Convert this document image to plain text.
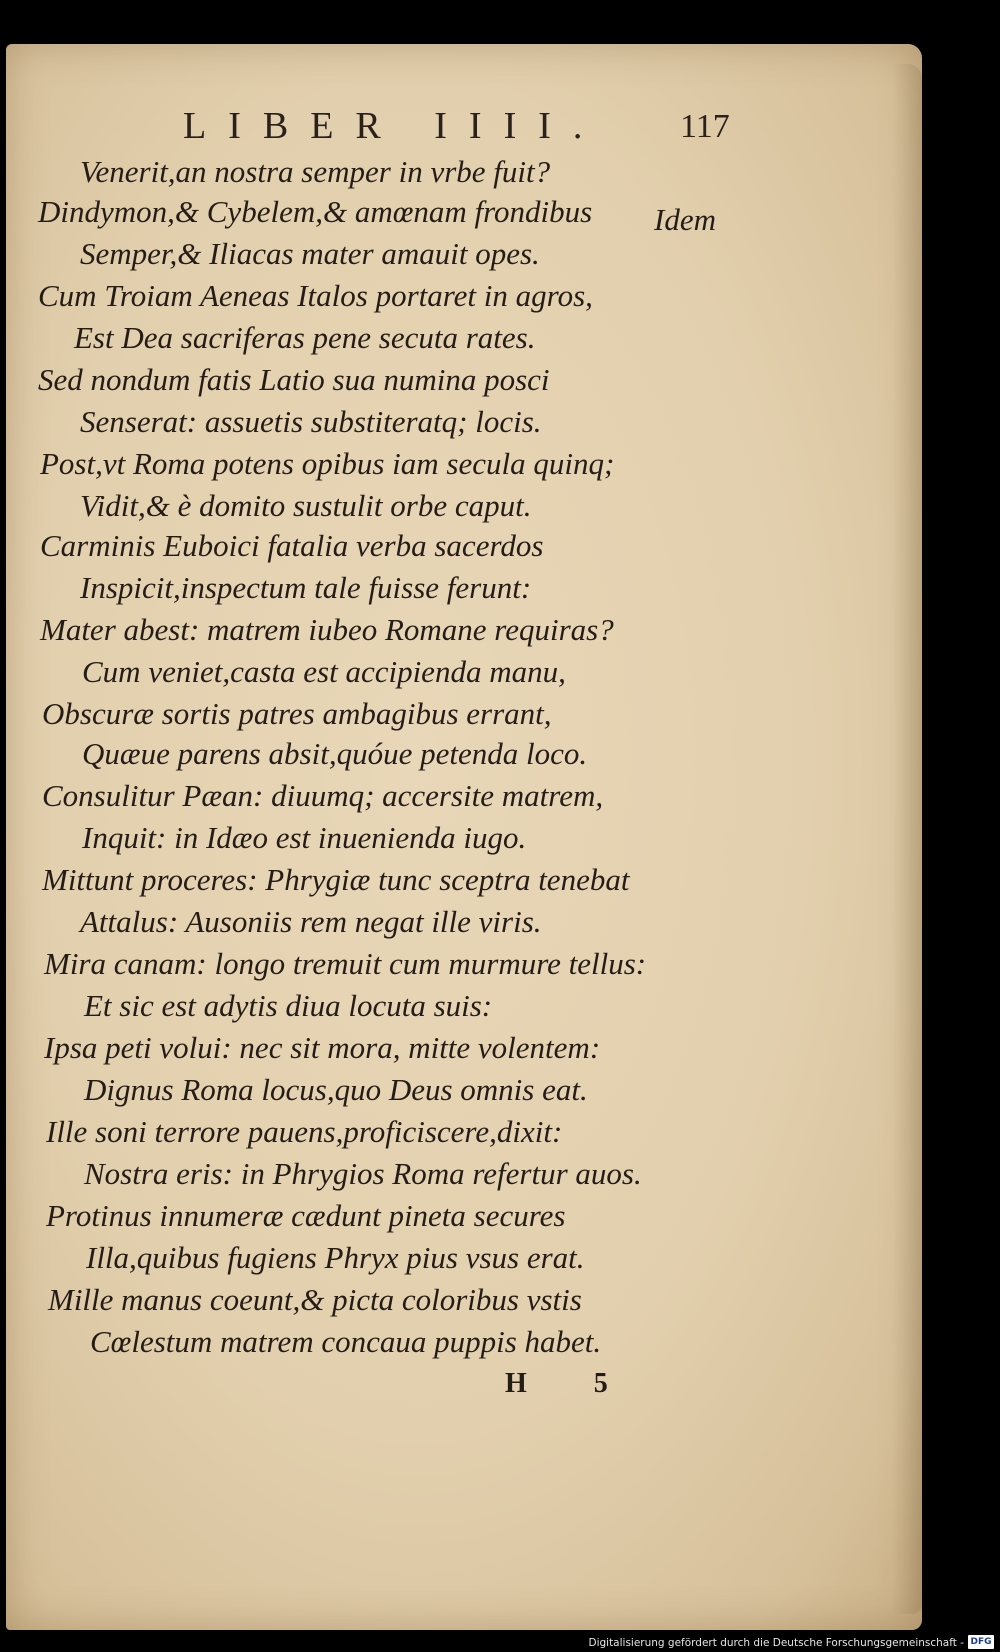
LIBER IIII. 117
Venerit,an nostra semper in vrbe fuit?
Dindymon,& Cybelem,& amœnam frondibus
Semper,& Iliacas mater amauit opes.
Cum Troiam Aeneas Italos portaret in agros,
Est Dea sacriferas pene secuta rates.
Sed nondum fatis Latio sua numina posci
Senserat: assuetis substiteratq; locis.
Post,vt Roma potens opibus iam secula quinq;
Vidit,& è domito sustulit orbe caput.
Carminis Euboici fatalia verba sacerdos
Inspicit,inspectum tale fuisse ferunt:
Mater abest: matrem iubeo Romane requiras?
Cum veniet,casta est accipienda manu,
Obscuræ sortis patres ambagibus errant,
Quæue parens absit,quóue petenda loco.
Consulitur Pæan: diuumq; accersite matrem,
Inquit: in Idæo est inuenienda iugo.
Mittunt proceres: Phrygiæ tunc sceptra tenebat
Attalus: Ausoniis rem negat ille viris.
Mira canam: longo tremuit cum murmure tellus:
Et sic est adytis diua locuta suis:
Ipsa peti volui: nec sit mora, mitte volentem:
Dignus Roma locus,quo Deus omnis eat.
Ille soni terrore pauens,proficiscere,dixit:
Nostra eris: in Phrygios Roma refertur auos.
Protinus innumeræ cædunt pineta secures
Illa,quibus fugiens Phryx pius vsus erat.
Mille manus coeunt,& picta coloribus vstis
Cœlestum matrem concaua puppis habet.
Idem
H 5
Digitalisierung gefördert durch die Deutsche Forschungsgemeinschaft - DFG
